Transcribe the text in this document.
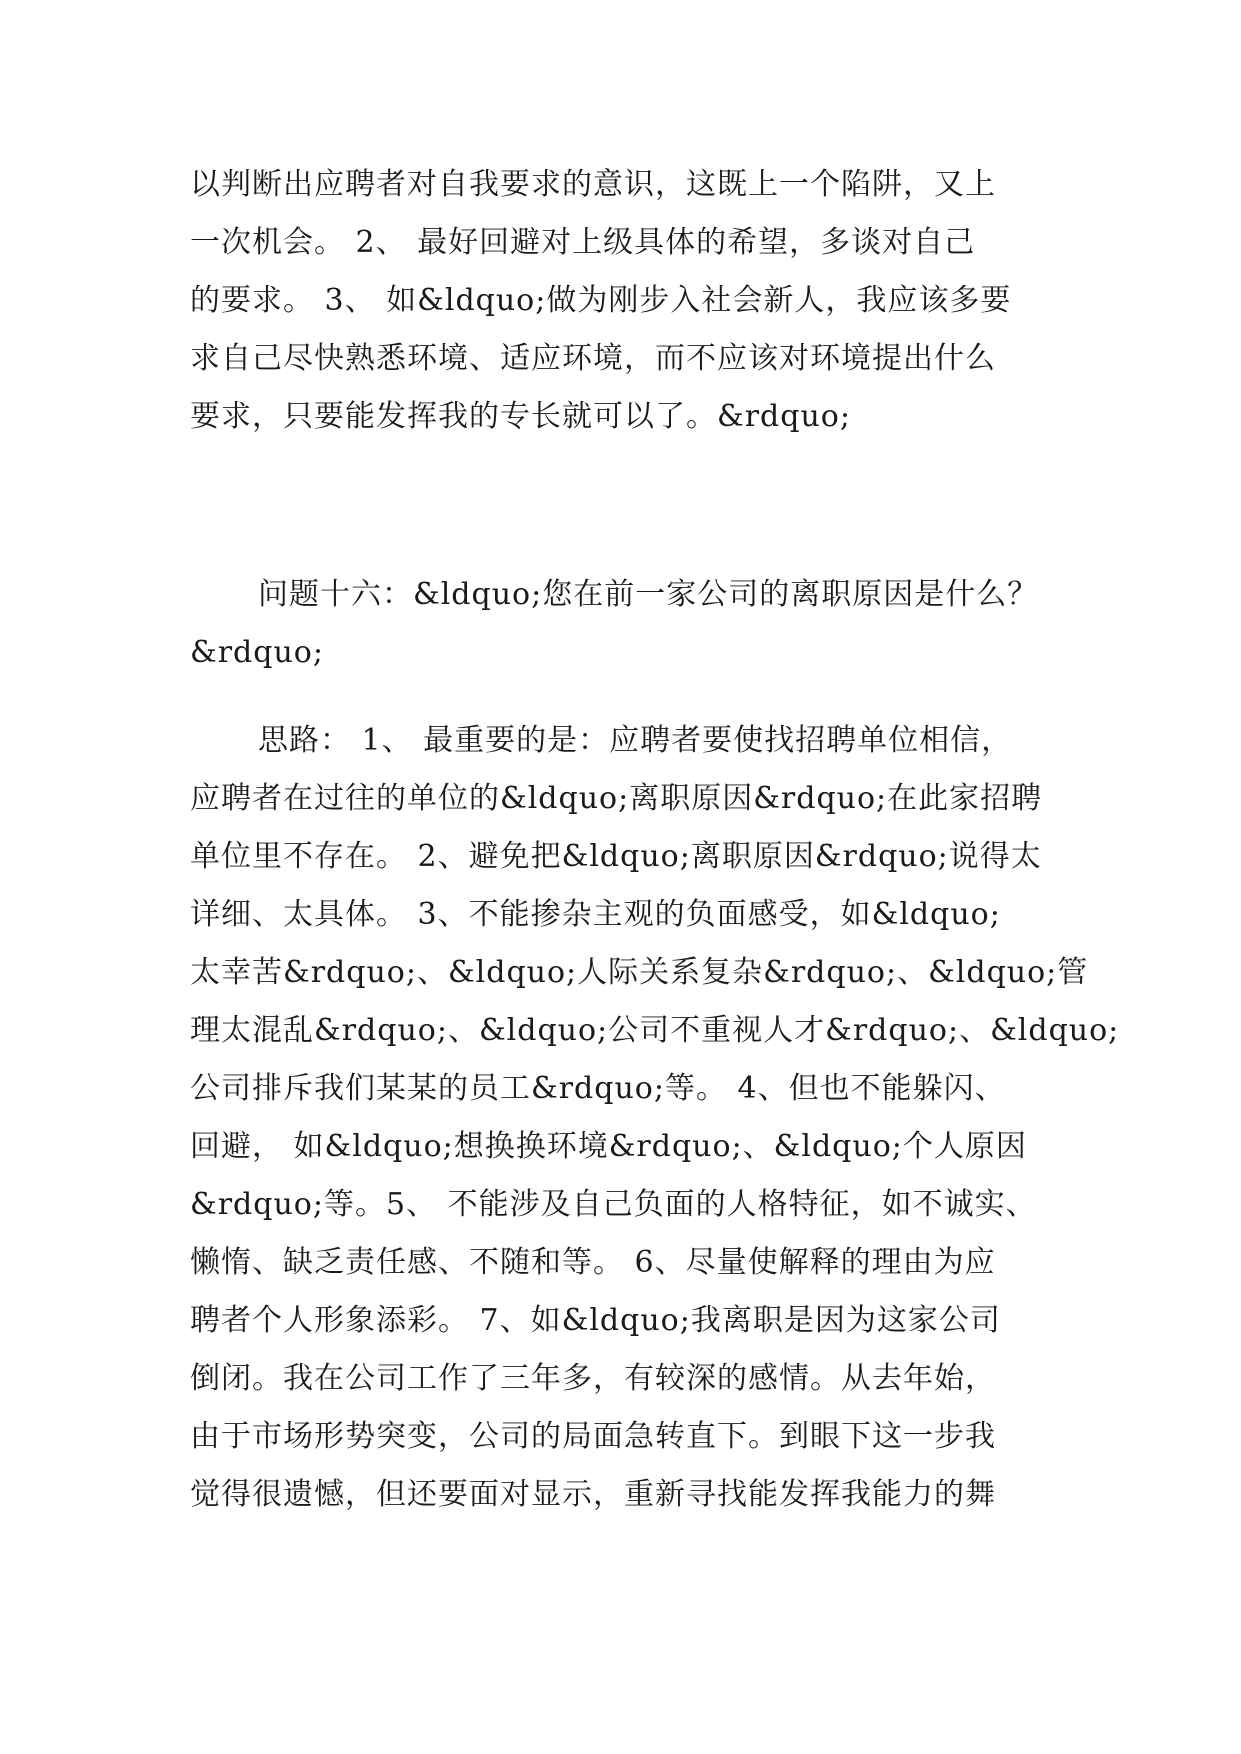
以判断出应聘者对自我要求的意识，这既上一个陷阱，又上
一次机会。 2、 最好回避对上级具体的希望，多谈对自己
的要求。 3、 如&ldquo;做为刚步入社会新人，我应该多要
求自己尽快熟悉环境、适应环境，而不应该对环境提出什么
要求，只要能发挥我的专长就可以了。&rdquo;
问题十六：&ldquo;您在前一家公司的离职原因是什么？
&rdquo;
思路： 1、 最重要的是：应聘者要使找招聘单位相信，
应聘者在过往的单位的&ldquo;离职原因&rdquo;在此家招聘
单位里不存在。 2、避免把&ldquo;离职原因&rdquo;说得太
详细、太具体。 3、不能掺杂主观的负面感受，如&ldquo;
太幸苦&rdquo;、&ldquo;人际关系复杂&rdquo;、&ldquo;管
理太混乱&rdquo;、&ldquo;公司不重视人才&rdquo;、&ldquo;
公司排斥我们某某的员工&rdquo;等。 4、但也不能躲闪、
回避， 如&ldquo;想换换环境&rdquo;、&ldquo;个人原因
&rdquo;等。5、 不能涉及自己负面的人格特征，如不诚实、
懒惰、缺乏责任感、不随和等。 6、尽量使解释的理由为应
聘者个人形象添彩。 7、如&ldquo;我离职是因为这家公司
倒闭。我在公司工作了三年多，有较深的感情。从去年始，
由于市场形势突变，公司的局面急转直下。到眼下这一步我
觉得很遗憾，但还要面对显示，重新寻找能发挥我能力的舞
